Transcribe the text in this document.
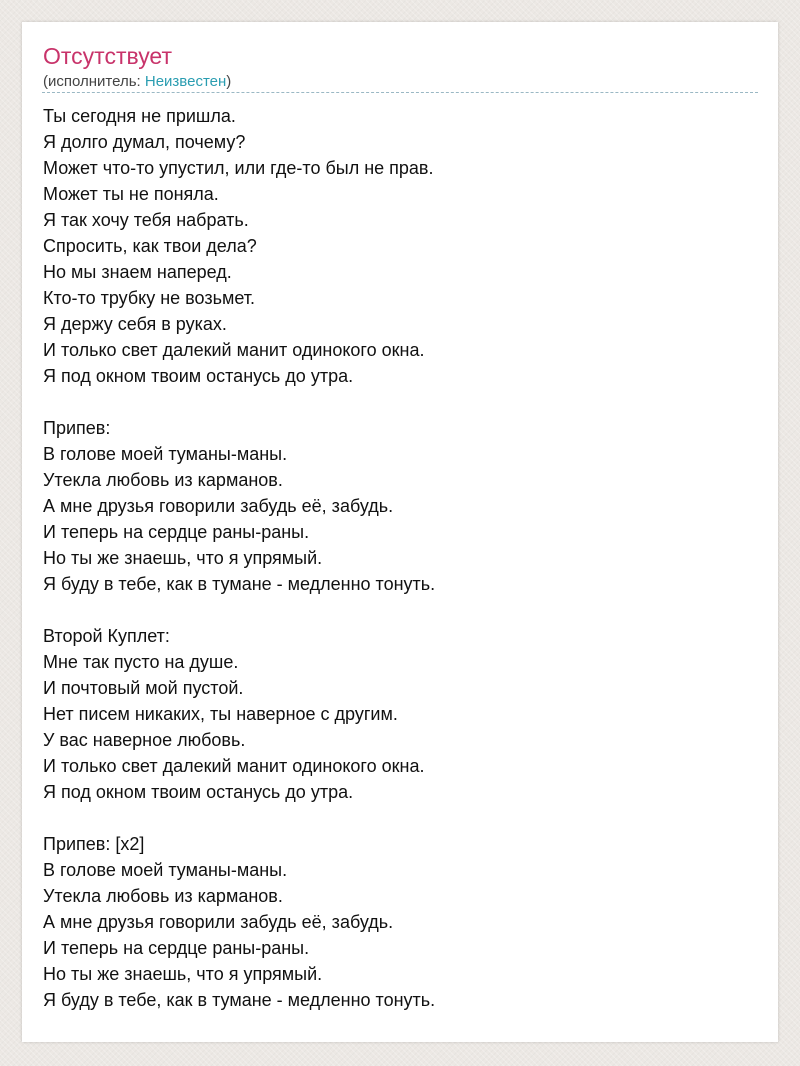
Отсутствует
(исполнитель: Неизвестен)
Ты сегодня не пришла.
Я долго думал, почему?
Может что-то упустил, или где-то был не прав.
Может ты не поняла.
Я так хочу тебя набрать.
Спросить, как твои дела?
Но мы знаем наперед.
Кто-то трубку не возьмет.
Я держу себя в руках.
И только свет далекий манит одинокого окна.
Я под окном твоим останусь до утра.
Припев:
В голове моей туманы-маны.
Утекла любовь из карманов.
А мне друзья говорили забудь её, забудь.
И теперь на сердце раны-раны.
Но ты же знаешь, что я упрямый.
Я буду в тебе, как в тумане - медленно тонуть.
Второй Куплет:
Мне так пусто на душе.
И почтовый мой пустой.
Нет писем никаких, ты наверное с другим.
У вас наверное любовь.
И только свет далекий манит одинокого окна.
Я под окном твоим останусь до утра.
Припев: [x2]
В голове моей туманы-маны.
Утекла любовь из карманов.
А мне друзья говорили забудь её, забудь.
И теперь на сердце раны-раны.
Но ты же знаешь, что я упрямый.
Я буду в тебе, как в тумане - медленно тонуть.
